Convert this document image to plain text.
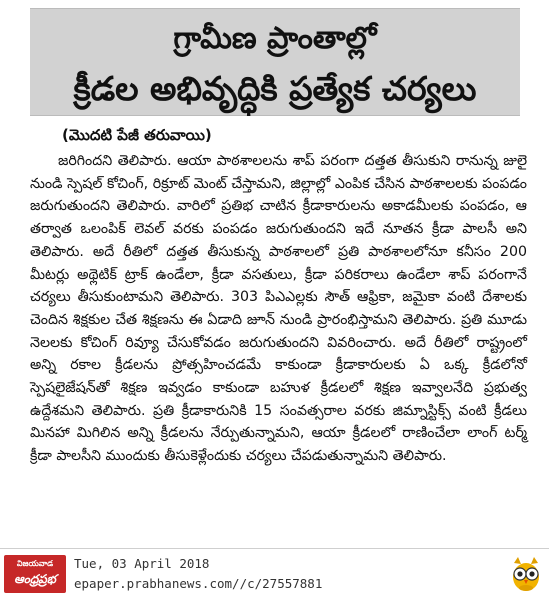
గ్రామీణ ప్రాంతాల్లో
క్రీడల అభివృద్ధికి ప్రత్యేక చర్యలు
(మొదటి పేజీ తరువాయి)

జరిగిందని తెలిపారు. ఆయా పాఠశాలలను శాప్ పరంగా దత్తత తీసుకుని రానున్న జులై నుండి స్పెషల్ కోచింగ్, రిక్రూట్ మెంట్ చేస్తామని, జిల్లాల్లో ఎంపిక చేసిన పాఠశాలలకు పంపడం జరుగుతుందని తెలిపారు. వారిలో ప్రతిభ చాటిన క్రీడాకారులను అకాడమీలకు పంపడం, ఆ తర్వాత ఒలంపిక్ లెవల్ వరకు పంపడం జరుగుతుందని ఇదే నూతన క్రీడా పాలసీ అని తెలిపారు. అదే రీతిలో దత్తత తీసుకున్న పాఠశాలలో ప్రతి పాఠశాలలోనూ కనీసం 200 మీటర్లు అథ్లెటిక్ ట్రాక్ ఉండేలా, క్రీడా వసతులు, క్రీడా పరికరాలు ఉండేలా శాప్ పరంగానే చర్యలు తీసుకుంటామని తెలిపారు. 303 పిఎఎల్లకు సౌత్ ఆఫ్రికా, జమైకా వంటి దేశాలకు చెందిన శిక్షకుల చేత శిక్షణను ఈ ఏడాది జూన్ నుండి ప్రారంభిస్తామని తెలిపారు. ప్రతి మూడు నెలలకు కోచింగ్ రివ్యూ చేసుకోవడం జరుగుతుందని వివరించారు. అదే రీతిలో రాష్ట్రంలో అన్ని రకాల క్రీడలను ప్రోత్సహించడమే కాకుండా క్రీడాకారులకు ఏ ఒక్క క్రీడలోనో స్పెషలైజేషన్‌తో శిక్షణ ఇవ్వడం కాకుండా బహుళ క్రీడలలో శిక్షణ ఇవ్వాలనేది ప్రభుత్వ ఉద్దేశమని తెలిపారు. ప్రతి క్రీడాకారునికి 15 సంవత్సరాల వరకు జిమ్నాస్టిక్స్ వంటి క్రీడలు మినహా మిగిలిన అన్ని క్రీడలను నేర్పుతున్నామని, ఆయా క్రీడలలో రాణించేలా లాంగ్ టర్మ్ క్రీడా పాలసీని ముందుకు తీసుకెళ్లేందుకు చర్యలు చేపడుతున్నామని తెలిపారు.

విజయవాడ
ఆంధ్రప్రభ
Tue, 03 April 2018
epaper.prabhanews.com//c/27557881
